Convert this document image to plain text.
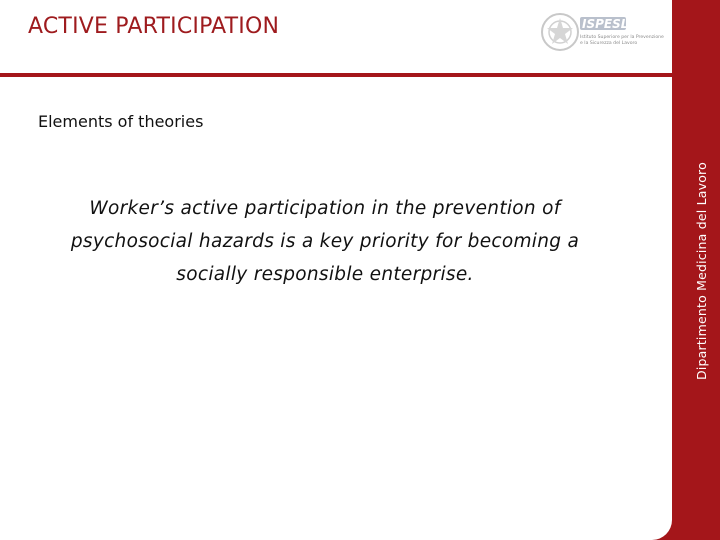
ACTIVE PARTICIPATION	ISPESL
Istituto Superiore per la Prevenzione
e la Sicurezza del Lavoro
Dipartimento Medicina del Lavoro
Elements of theories
Worker’s active participation in the prevention of psychosocial hazards is a key priority for becoming a socially responsible enterprise.
